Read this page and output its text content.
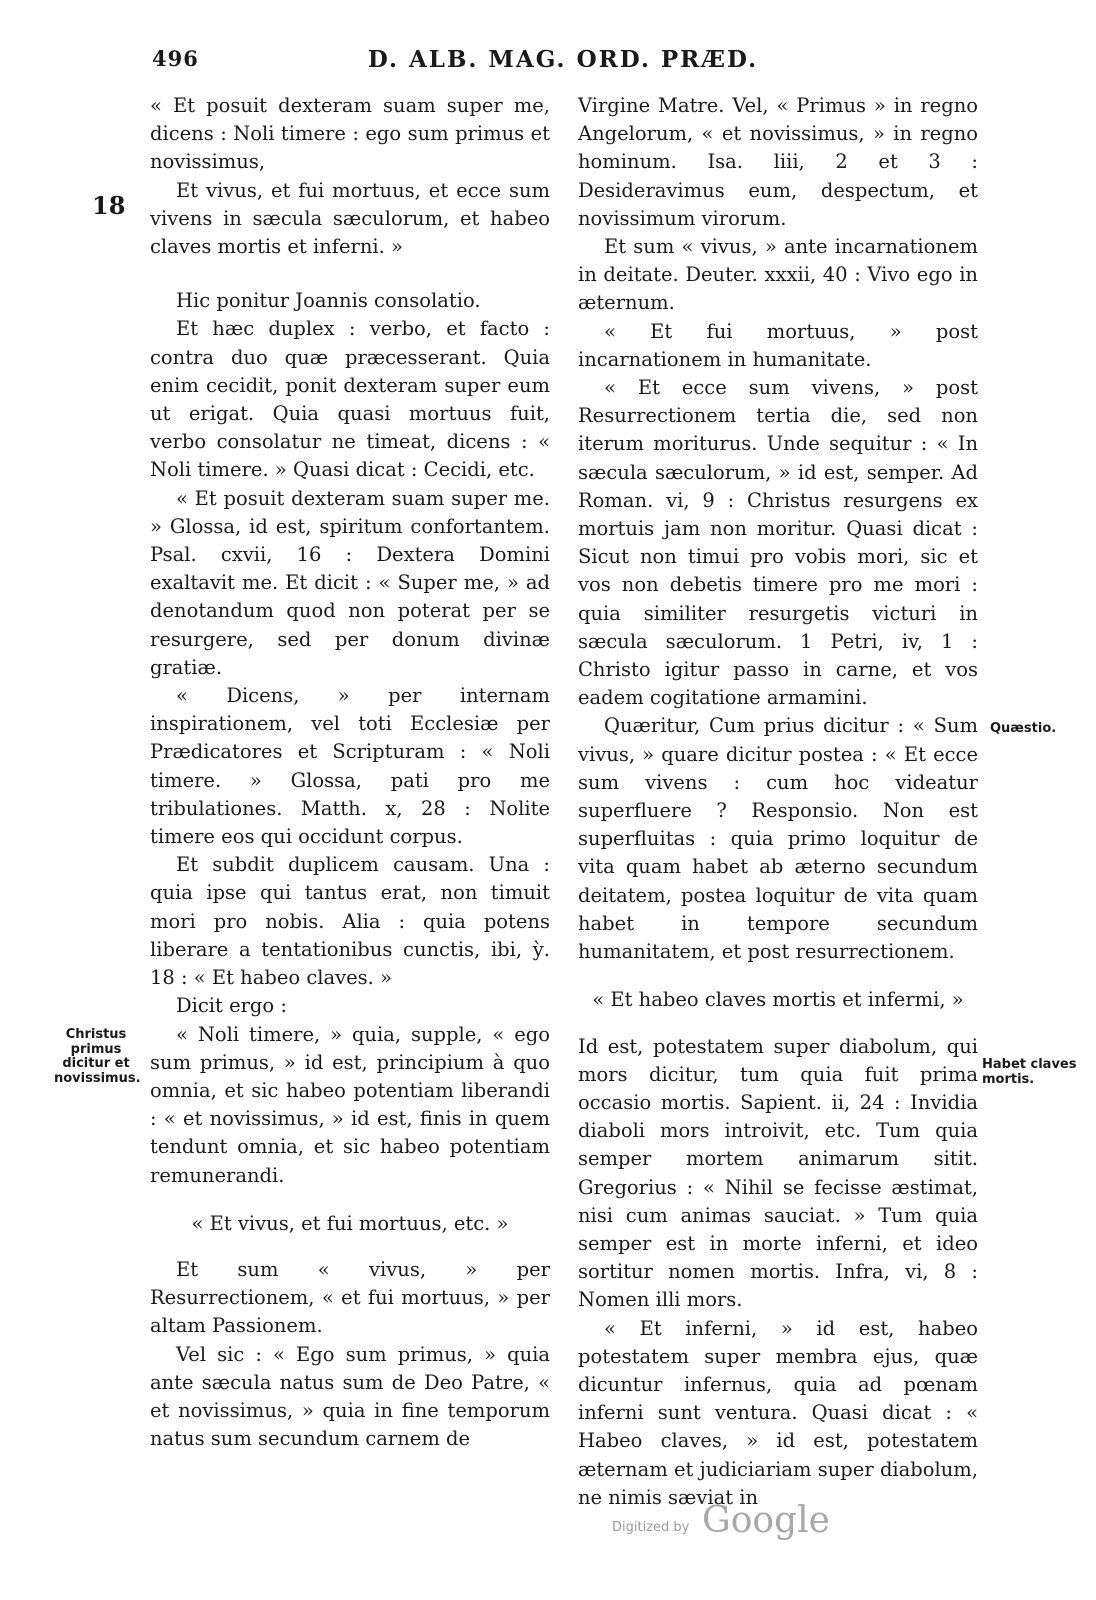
496	D. ALB. MAG. ORD. PRÆD.
18

« Et posuit dexteram suam super me, dicens : Noli timere : ego sum primus et novissimus,

Et vivus, et fui mortuus, et ecce sum vivens in sæcula sæculorum, et habeo claves mortis et inferni. »

Hic ponitur Joannis consolatio.

Et hæc duplex : verbo, et facto : contra duo quæ præcesserant. Quia enim cecidit, ponit dexteram super eum ut erigat. Quia quasi mortuus fuit, verbo consolatur ne timeat, dicens : « Noli timere. » Quasi dicat : Cecidi, etc.

« Et posuit dexteram suam super me. » Glossa, id est, spiritum confortantem. Psal. cxvii, 16 : Dextera Domini exaltavit me. Et dicit : « Super me, » ad denotandum quod non poterat per se resurgere, sed per donum divinæ gratiæ.

« Dicens, » per internam inspirationem, vel toti Ecclesiæ per Prædicatores et Scripturam : « Noli timere. » Glossa, pati pro me tribulationes. Matth. x, 28 : Nolite timere eos qui occidunt corpus.

Et subdit duplicem causam. Una : quia ipse qui tantus erat, non timuit mori pro nobis. Alia : quia potens liberare a tentationibus cunctis, ibi, ỳ. 18 : « Et habeo claves. »

Dicit ergo :

« Noli timere, » quia, supple, « ego sum primus, » id est, principium à quo omnia, et sic habeo potentiam liberandi : « et novissimus, » id est, finis in quem tendunt omnia, et sic habeo potentiam remunerandi.

« Et vivus, et fui mortuus, etc. »

Et sum « vivus, » per Resurrectionem, « et fui mortuus, » per altam Passionem.

Vel sic : « Ego sum primus, » quia ante sæcula natus sum de Deo Patre, « et novissimus, » quia in fine temporum natus sum secundum carnem de

Virgine Matre. Vel, « Primus » in regno Angelorum, « et novissimus, » in regno hominum. Isa. liii, 2 et 3 : Desideravimus eum, despectum, et novissimum virorum.

Et sum « vivus, » ante incarnationem in deitate. Deuter. xxxii, 40 : Vivo ego in æternum.

« Et fui mortuus, » post incarnationem in humanitate.

« Et ecce sum vivens, » post Resurrectionem tertia die, sed non iterum moriturus. Unde sequitur : « In sæcula sæculorum, » id est, semper. Ad Roman. vi, 9 : Christus resurgens ex mortuis jam non moritur. Quasi dicat : Sicut non timui pro vobis mori, sic et vos non debetis timere pro me mori : quia similiter resurgetis victuri in sæcula sæculorum. 1 Petri, iv, 1 : Christo igitur passo in carne, et vos eadem cogitatione armamini.

Quæritur, Cum prius dicitur : « Sum vivus, » quare dicitur postea : « Et ecce sum vivens : cum hoc videatur superfluere ? Responsio. Non est superfluitas : quia primo loquitur de vita quam habet ab æterno secundum deitatem, postea loquitur de vita quam habet in tempore secundum humanitatem, et post resurrectionem.

« Et habeo claves mortis et infermi, »

Id est, potestatem super diabolum, qui mors dicitur, tum quia fuit prima occasio mortis. Sapient. ii, 24 : Invidia diaboli mors introivit, etc. Tum quia semper mortem animarum sitit. Gregorius : « Nihil se fecisse æstimat, nisi cum animas sauciat. » Tum quia semper est in morte inferni, et ideo sortitur nomen mortis. Infra, vi, 8 : Nomen illi mors.

« Et inferni, » id est, habeo potestatem super membra ejus, quæ dicuntur infernus, quia ad pœnam inferni sunt ventura. Quasi dicat : « Habeo claves, » id est, potestatem æternam et judiciariam super diabolum, ne nimis sæviat in

Christus primus dicitur et novissimus.
Quæstio.
Habet claves mortis.
Digitized by Google
